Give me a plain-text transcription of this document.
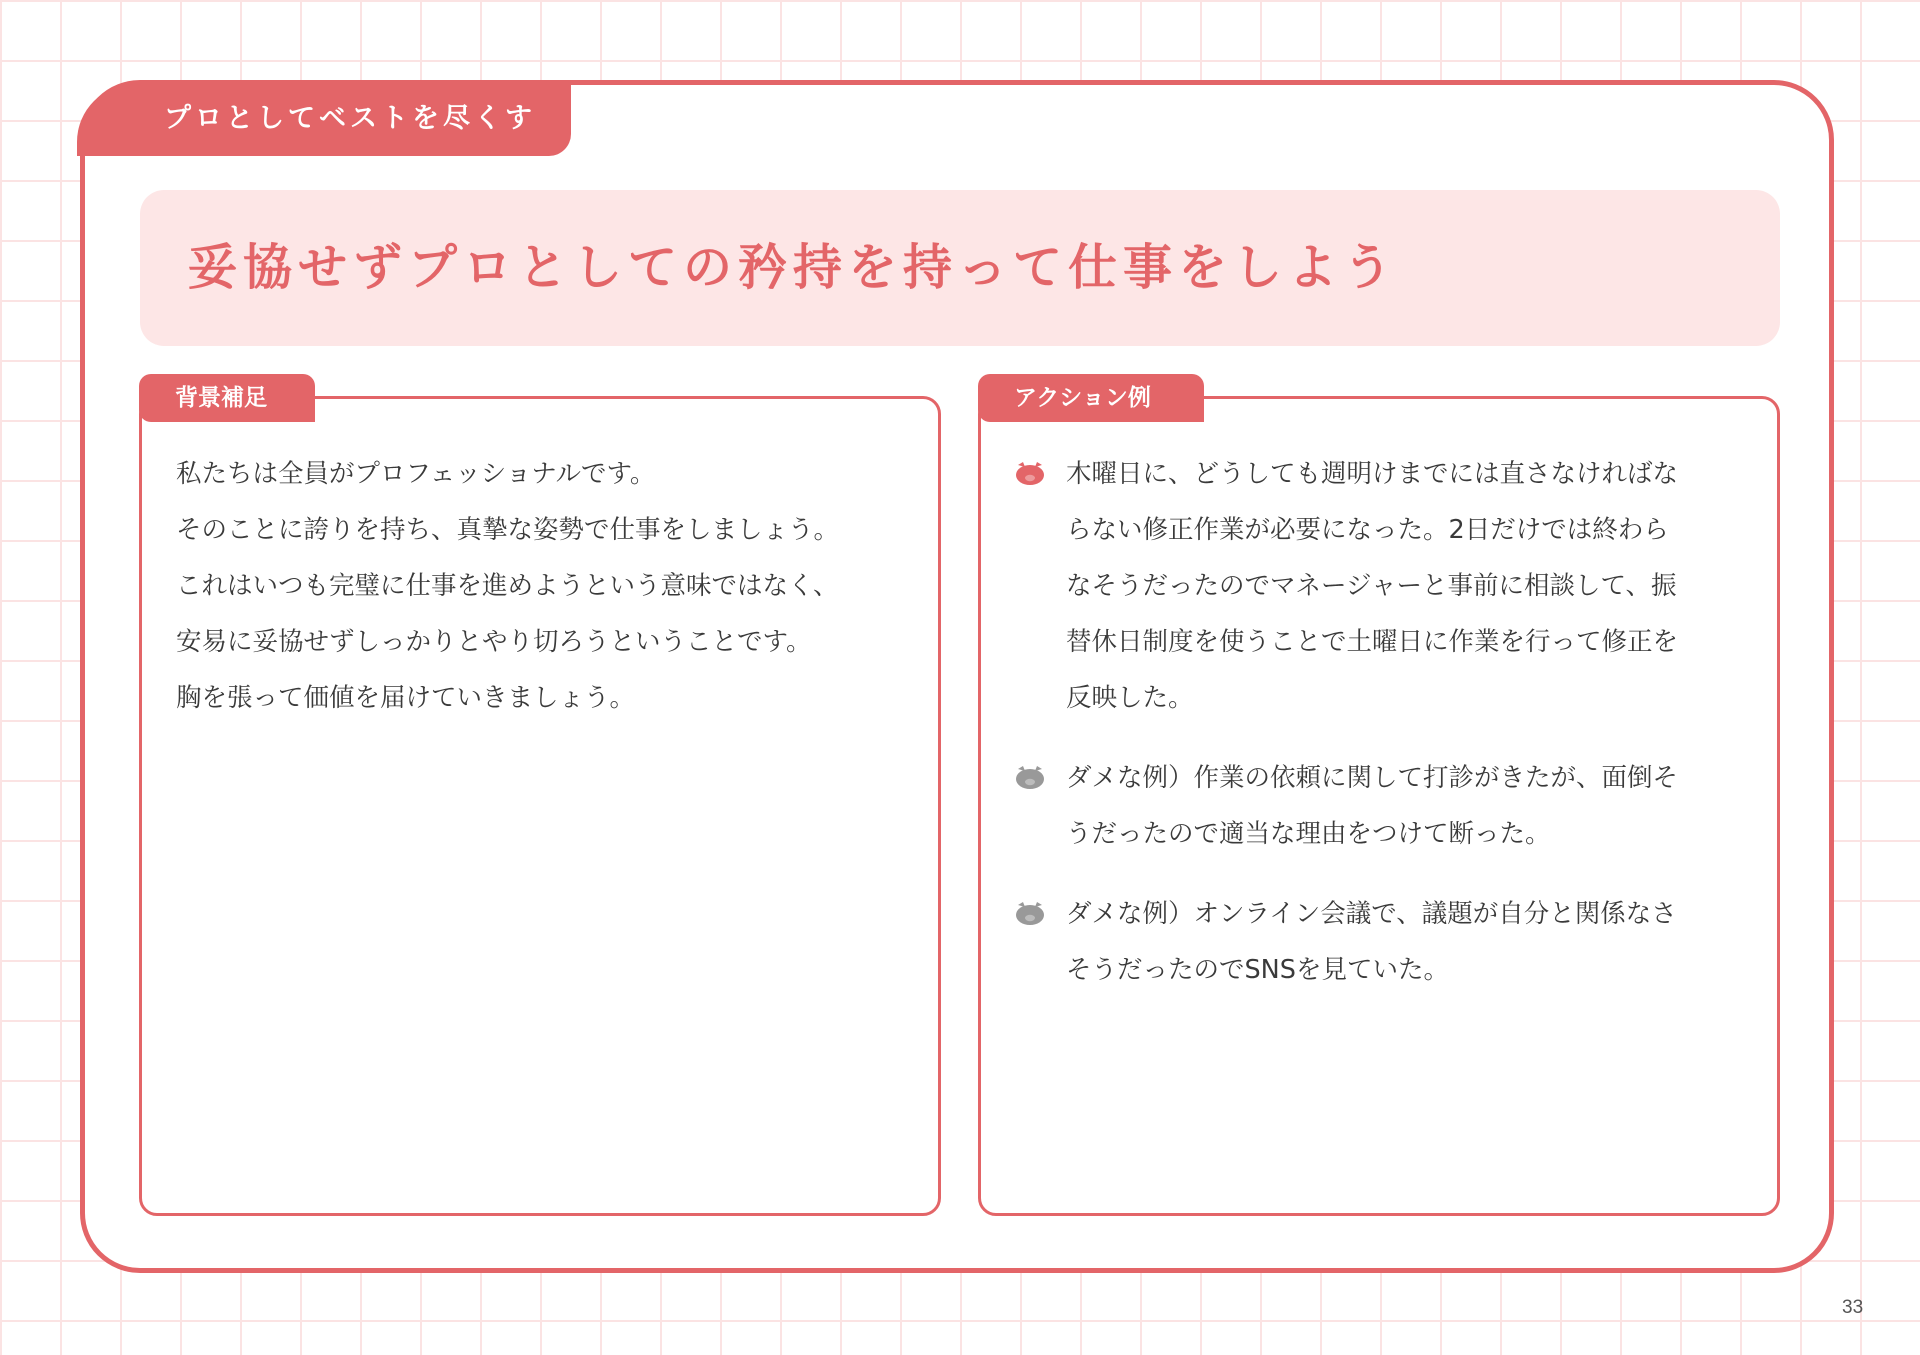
プロとしてベストを尽くす
妥協せずプロとしての矜持を持って仕事をしよう
背景補足
私たちは全員がプロフェッショナルです。
そのことに誇りを持ち、真摯な姿勢で仕事をしましょう。
これはいつも完璧に仕事を進めようという意味ではなく、
安易に妥協せずしっかりとやり切ろうということです。
胸を張って価値を届けていきましょう。
アクション例
木曜日に、どうしても週明けまでには直さなければな
らない修正作業が必要になった。2日だけでは終わら
なそうだったのでマネージャーと事前に相談して、振
替休日制度を使うことで土曜日に作業を行って修正を
反映した。
ダメな例）作業の依頼に関して打診がきたが、面倒そ
うだったので適当な理由をつけて断った。
ダメな例）オンライン会議で、議題が自分と関係なさ
そうだったのでSNSを見ていた。
33
